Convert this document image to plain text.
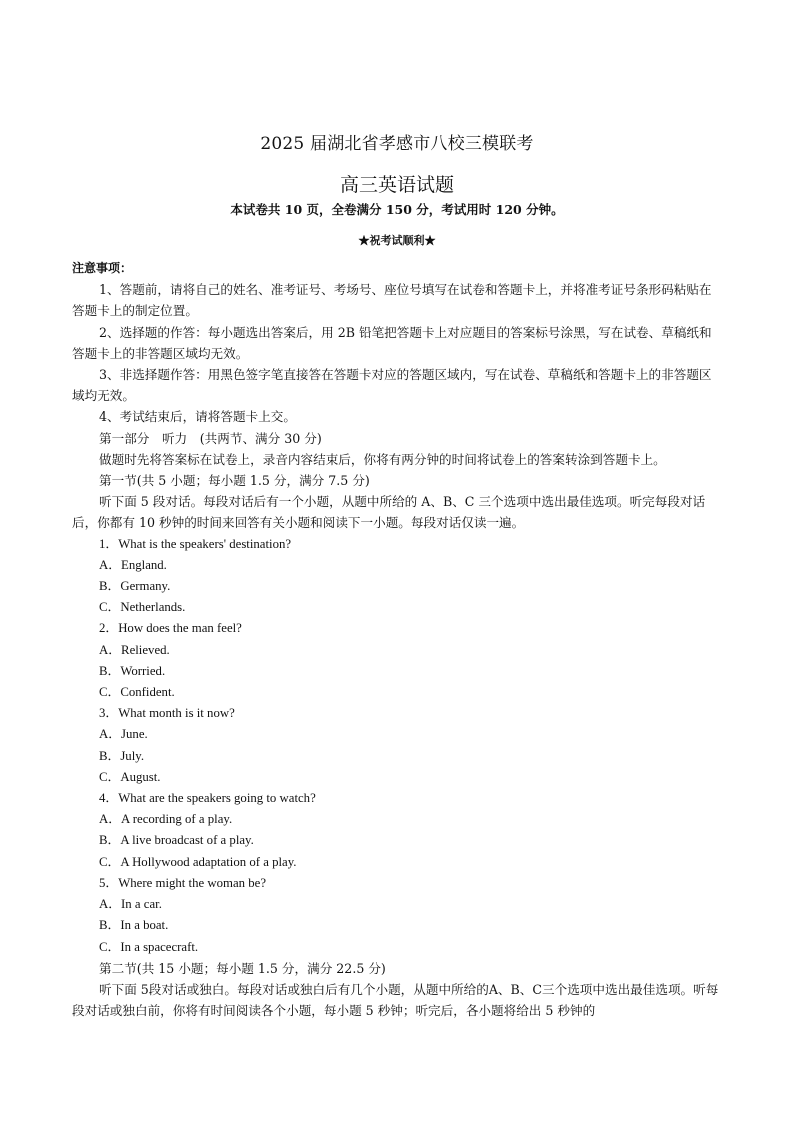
2025 届湖北省孝感市八校三模联考
高三英语试题
本试卷共 10 页，全卷满分 150 分，考试用时 120 分钟。
★祝考试顺利★

注意事项：

1、答题前，请将自己的姓名、准考证号、考场号、座位号填写在试卷和答题卡上，并将准考证号条形码粘贴在答题卡上的制定位置。

2、选择题的作答：每小题选出答案后，用 2B 铅笔把答题卡上对应题目的答案标号涂黑，写在试卷、草稿纸和答题卡上的非答题区域均无效。

3、非选择题作答：用黑色签字笔直接答在答题卡对应的答题区域内，写在试卷、草稿纸和答题卡上的非答题区域均无效。

4、考试结束后，请将答题卡上交。

第一部分　听力　(共两节、满分 30 分)

做题时先将答案标在试卷上，录音内容结束后，你将有两分钟的时间将试卷上的答案转涂到答题卡上。

第一节(共 5 小题；每小题 1.5 分，满分 7.5 分)

听下面 5 段对话。每段对话后有一个小题，从题中所给的 A、B、C 三个选项中选出最佳选项。听完每段对话后，你都有 10 秒钟的时间来回答有关小题和阅读下一小题。每段对话仅读一遍。

1．What is the speakers' destination?

A．England.

B．Germany.

C．Netherlands.

2．How does the man feel?

A．Relieved.

B．Worried.

C．Confident.

3．What month is it now?

A．June.

B．July.

C．August.

4．What are the speakers going to watch?

A．A recording of a play.

B．A live broadcast of a play.

C．A Hollywood adaptation of a play.

5．Where might the woman be?

A．In a car.

B．In a boat.

C．In a spacecraft.

第二节(共 15 小题；每小题 1.5 分，满分 22.5 分)

听下面 5段对话或独白。每段对话或独白后有几个小题，从题中所给的A、B、C三个选项中选出最佳选项。听每段对话或独白前，你将有时间阅读各个小题，每小题 5 秒钟；听完后，各小题将给出 5 秒钟的
